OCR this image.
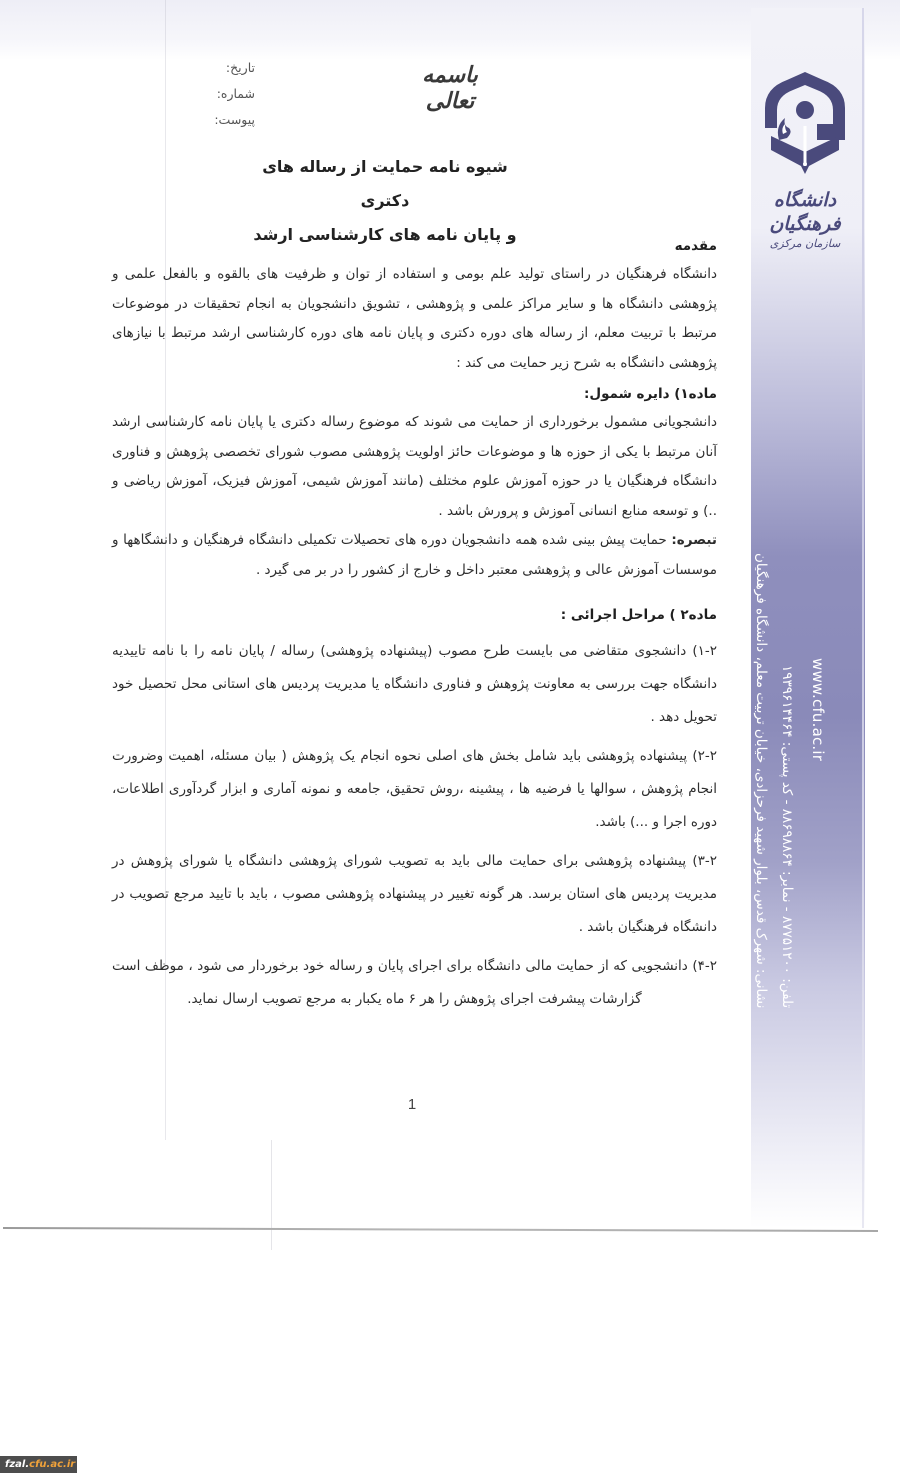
دانشگاه فرهنگیان
سازمان مرکزی
نشانی: شهرک قدس، بلوار شهید فرحزادی، خیابان تربیت معلم، دانشگاه فرهنگیان تلفن: ۸۷۷۵۱۲۰۰ - نمابر: ۸۸۶۹۸۸۶۴ - کد پستی: ۱۹۳۹۶۱۴۴۶۴
www.cfu.ac.ir
تاریخ:
شماره:
پیوست:
باسمه تعالی
شیوه نامه حمایت از رساله های دکتری
و پایان نامه های کارشناسی ارشد
مقدمه

دانشگاه فرهنگیان در راستای تولید علم بومی و استفاده از توان و ظرفیت های بالقوه و بالفعل علمی و پژوهشی دانشگاه ها و سایر مراکز علمی و پژوهشی ، تشویق دانشجویان به انجام تحقیقات در موضوعات مرتبط با تربیت معلم، از رساله های دوره دکتری و پایان نامه های دوره کارشناسی ارشد مرتبط با نیازهای پژوهشی دانشگاه به شرح زیر حمایت می کند :

ماده۱) دایره شمول:

دانشجویانی مشمول برخورداری از حمایت می شوند که موضوع رساله دکتری یا پایان نامه کارشناسی ارشد آنان مرتبط با یکی از حوزه ها و موضوعات حائز اولویت پژوهشی مصوب شورای تخصصی پژوهش و فناوری دانشگاه فرهنگیان یا در حوزه آموزش علوم مختلف (مانند آموزش شیمی، آموزش فیزیک، آموزش ریاضی و ..) و توسعه منابع انسانی آموزش و پرورش باشد .

تبصره: حمایت پیش بینی شده همه دانشجویان دوره های تحصیلات تکمیلی دانشگاه فرهنگیان و دانشگاهها و موسسات آموزش عالی و پژوهشی معتبر داخل و خارج از کشور را در بر می گیرد .

ماده۲ ) مراحل اجرائی :

۱-۲) دانشجوی متقاضی می بایست طرح مصوب (پیشنهاده پژوهشی) رساله / پایان نامه را با نامه تاییدیه دانشگاه جهت بررسی به معاونت پژوهش و فناوری دانشگاه یا مدیریت پردیس های استانی محل تحصیل خود تحویل دهد .

۲-۲) پیشنهاده پژوهشی باید شامل بخش های اصلی نحوه انجام یک پژوهش ( بیان مسئله، اهمیت وضرورت انجام پژوهش ، سوالها یا فرضیه ها ، پیشینه ،روش تحقیق، جامعه و نمونه آماری و ابزار گردآوری اطلاعات، دوره اجرا و ...) باشد.

۳-۲) پیشنهاده پژوهشی برای حمایت مالی باید به تصویب شورای پژوهشی دانشگاه یا شورای پژوهش در مدیریت پردیس های استان برسد. هر گونه تغییر در پیشنهاده پژوهشی مصوب ، باید با تایید مرجع تصویب در دانشگاه فرهنگیان باشد .

۴-۲) دانشجویی که از حمایت مالی دانشگاه برای اجرای پایان و رساله خود برخوردار می شود ، موظف است گزارشات پیشرفت اجرای پژوهش را هر ۶ ماه یکبار به مرجع تصویب ارسال نماید.

1
fzal.cfu.ac.ir
